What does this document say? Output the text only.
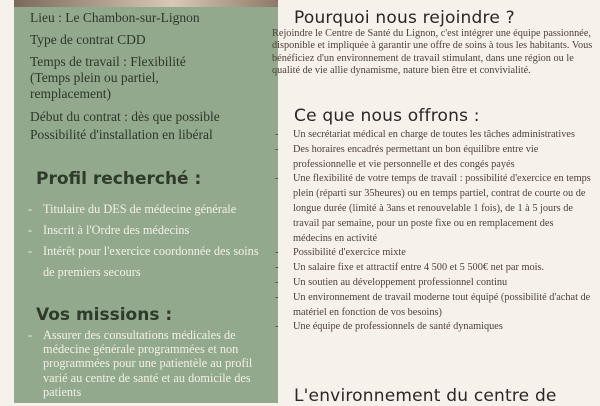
Lieu : Le Chambon-sur-Lignon
Type de contrat CDD
Temps de travail : Flexibilité
(Temps plein ou partiel,
remplacement)
Début du contrat : dès que possible
Possibilité d'installation en libéral
Profil recherché :
- Titulaire du DES de médecine générale
- Inscrit à l'Ordre des médecins
- Intérêt pour l'exercice coordonnée des soins de premiers secours
Vos missions :
- Assurer des consultations médicales de médecine générale programmées et non programmées pour une patientèle au profil varié au centre de santé et au domicile des patients
Pourquoi nous rejoindre ?

Rejoindre le Centre de Santé du Lignon, c'est intégrer une équipe passionnée, disponible et impliquée à garantir une offre de soins à tous les habitants. Vous bénéficiez d'un environnement de travail stimulant, dans une région ou le qualité de vie allie dynamisme, nature bien être et convivialité.

Ce que nous offrons :
- Un secrétariat médical en charge de toutes les tâches administratives
- Des horaires encadrés permettant un bon équilibre entre vie professionnelle et vie personnelle et des congés payés
- Une flexibilité de votre temps de travail : possibilité d'exercice en temps plein (réparti sur 35heures) ou en temps partiel, contrat de courte ou de longue durée (limité à 3ans et renouvelable 1 fois), de 1 à 5 jours de travail par semaine, pour un poste fixe ou en remplacement des médecins en activité
- Possibilité d'exercice mixte
- Un salaire fixe et attractif entre 4 500 et 5 500€ net par mois.
- Un soutien au développement professionnel continu
- Un environnement de travail moderne tout équipé (possibilité d'achat de matériel en fonction de vos besoins)
- Une équipe de professionnels de santé dynamiques
L'environnement du centre de
